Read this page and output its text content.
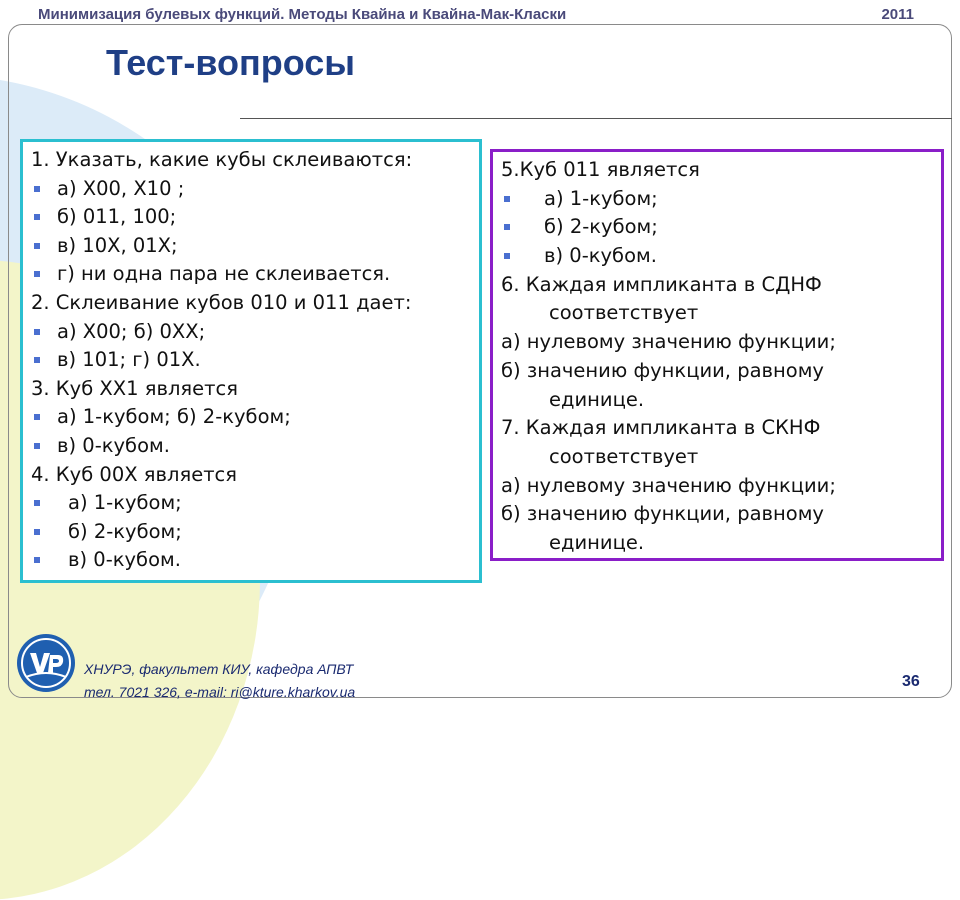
Минимизация булевых функций. Методы Квайна и Квайна-Мак-Класки	2011
Тест-вопросы
1. Указать, какие кубы склеиваются:
а) Х00, Х10 ;
б) 011, 100;
в) 10Х, 01Х;
г) ни одна пара не склеивается.
2. Склеивание кубов 010 и 011 дает:
а) Х00; б) 0ХХ;
в) 101; г) 01Х.
3. Куб ХХ1 является
а) 1-кубом; б) 2-кубом;
в) 0-кубом.
4. Куб 00Х является
а) 1-кубом;
б) 2-кубом;
в) 0-кубом.
5.Куб 011 является
а) 1-кубом;
б) 2-кубом;
в) 0-кубом.
6. Каждая импликанта в СДНФ
соответствует
а) нулевому значению функции;
б) значению функции, равному
единице.
7. Каждая импликанта в СКНФ
соответствует
а) нулевому значению функции;
б) значению функции, равному
единице.
ХНУРЭ, факультет КИУ, кафедра АПВТ
тел. 7021 326, e-mail: ri@kture.kharkov.ua
36
